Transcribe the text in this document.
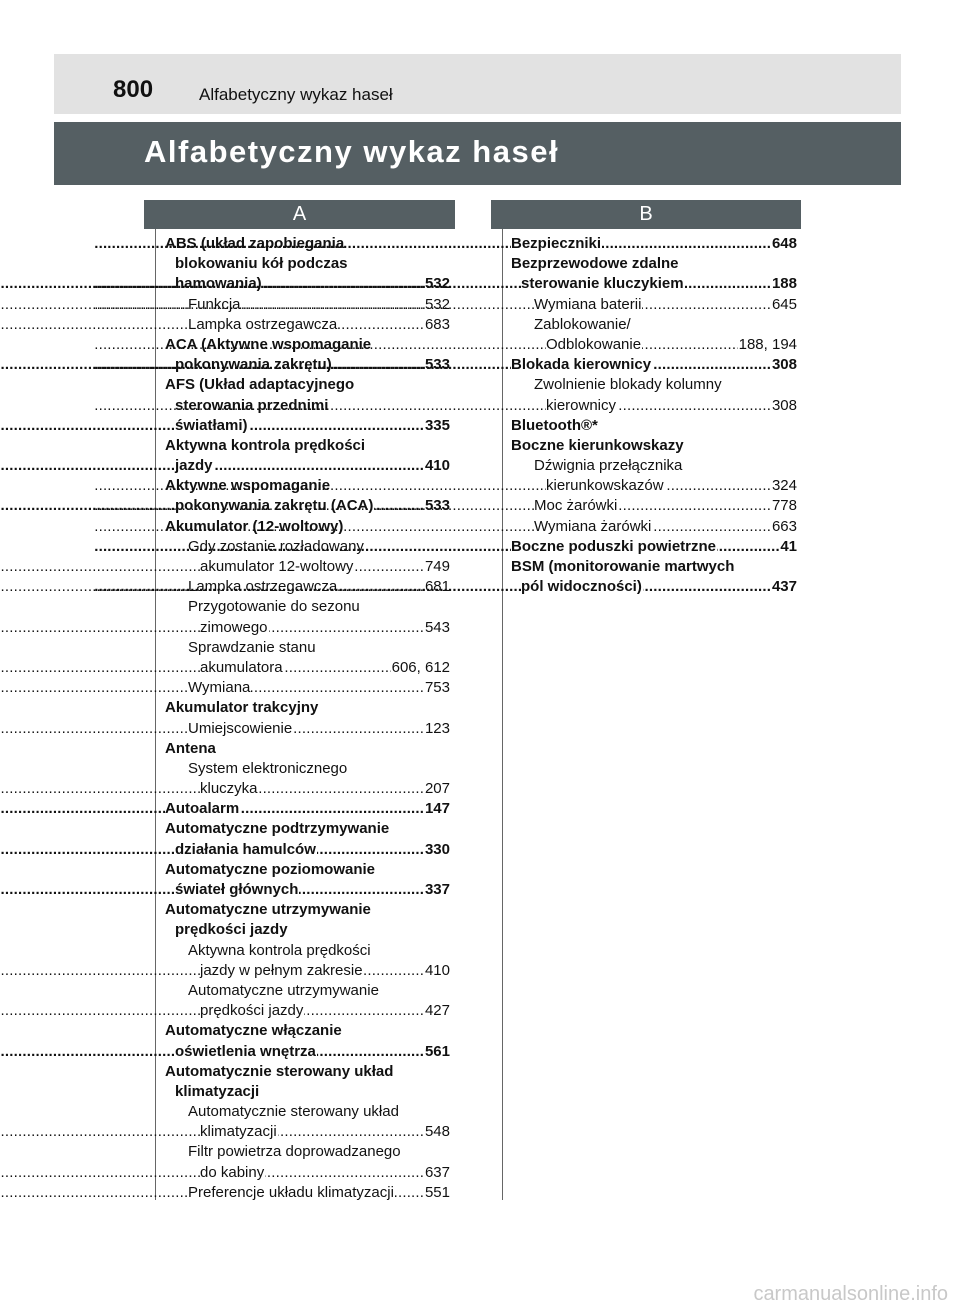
800	Alfabetyczny wykaz haseł
Alfabetyczny wykaz haseł
A	B
ABS (układ zapobiegania
blokowaniu kół podczas
..... hamowania)	532
..... Funkcja	532
..... Lampka ostrzegawcza	683
ACA (Aktywne wspomaganie
..... pokonywania zakrętu)	533
AFS (Układ adaptacyjnego
sterowania przednimi
..... światłami)	335
Aktywna kontrola prędkości
..... jazdy	410
Aktywne wspomaganie
..... pokonywania zakrętu (ACA)	533
Akumulator (12-woltowy)
Gdy zostanie rozładowany
..... akumulator 12-woltowy	749
..... Lampka ostrzegawcza	681
Przygotowanie do sezonu
..... zimowego	543
Sprawdzanie stanu
..... akumulatora	606, 612
..... Wymiana	753
Akumulator trakcyjny
..... Umiejscowienie	123
Antena
System elektronicznego
..... kluczyka	207
..... Autoalarm	147
Automatyczne podtrzymywanie
..... działania hamulców	330
Automatyczne poziomowanie
..... świateł głównych	337
Automatyczne utrzymywanie
prędkości jazdy
Aktywna kontrola prędkości
..... jazdy w pełnym zakresie	410
Automatyczne utrzymywanie
..... prędkości jazdy	427
Automatyczne włączanie
..... oświetlenia wnętrza	561
Automatycznie sterowany układ
klimatyzacji
Automatycznie sterowany układ
..... klimatyzacji	548
Filtr powietrza doprowadzanego
..... do kabiny	637
..... Preferencje układu klimatyzacji 551
..... Bezpieczniki	648
Bezprzewodowe zdalne
..... sterowanie kluczykiem	188
..... Wymiana baterii	645
Zablokowanie/
..... Odblokowanie	188, 194
..... Blokada kierownicy	308
Zwolnienie blokady kolumny
..... kierownicy	308
Bluetooth®*
Boczne kierunkowskazy
Dźwignia przełącznika
..... kierunkowskazów	324
..... Moc żarówki	778
..... Wymiana żarówki	663
..... Boczne poduszki powietrzne	41
BSM (monitorowanie martwych
..... pól widoczności)	437
carmanualsonline.info
